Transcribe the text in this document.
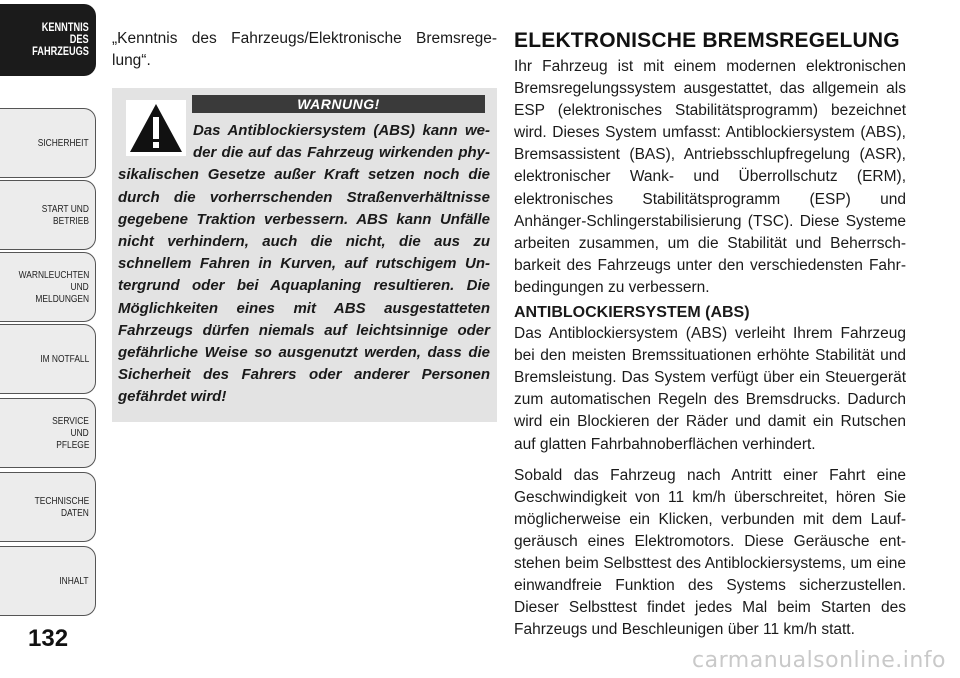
KENNTNIS
DES
FAHRZEUGS
SICHERHEIT
START UND
BETRIEB
WARNLEUCHTEN
UND
MELDUNGEN
IM NOTFALL
SERVICE
UND
PFLEGE
TECHNISCHE
DATEN
INHALT
132

„Kenntnis des Fahrzeugs/Elektronische Bremsregelung“.

WARNUNG!

Das Antiblockiersystem (ABS) kann weder die auf das Fahrzeug wirkenden physikalischen Gesetze außer Kraft setzen noch die durch die vorherrschenden Straßenverhältnisse gegebene Traktion verbessern. ABS kann Unfälle nicht verhindern, auch die nicht, die aus zu schnellem Fahren in Kurven, auf rutschigem Untergrund oder bei Aquaplaning resultieren. Die Möglichkeiten eines mit ABS ausgestatteten Fahrzeugs dürfen niemals auf leichtsinnige oder gefährliche Weise so ausgenutzt werden, dass die Sicherheit des Fahrers oder anderer Personen gefährdet wird!

ELEKTRONISCHE BREMSREGELUNG

Ihr Fahrzeug ist mit einem modernen elektronischen Bremsregelungssystem ausgestattet, das allgemein als ESP (elektronisches Stabilitätsprogramm) bezeichnet wird. Dieses System umfasst: Antiblockiersystem (ABS), Bremsassistent (BAS), Antriebsschlupfregelung (ASR), elektronischer Wank- und Überrollschutz (ERM), elektronisches Stabilitätsprogramm (ESP) und Anhänger-Schlingerstabilisierung (TSC). Diese Systeme arbeiten zusammen, um die Stabilität und Beherrschbarkeit des Fahrzeugs unter den verschiedensten Fahrbedingungen zu verbessern.

ANTIBLOCKIERSYSTEM (ABS)

Das Antiblockiersystem (ABS) verleiht Ihrem Fahrzeug bei den meisten Bremssituationen erhöhte Stabilität und Bremsleistung. Das System verfügt über ein Steuergerät zum automatischen Regeln des Bremsdrucks. Dadurch wird ein Blockieren der Räder und damit ein Rutschen auf glatten Fahrbahnoberflächen verhindert.

Sobald das Fahrzeug nach Antritt einer Fahrt eine Geschwindigkeit von 11 km/h überschreitet, hören Sie möglicherweise ein Klicken, verbunden mit dem Laufgeräusch eines Elektromotors. Diese Geräusche entstehen beim Selbsttest des Antiblockiersystems, um eine einwandfreie Funktion des Systems sicherzustellen. Dieser Selbsttest findet jedes Mal beim Starten des Fahrzeugs und Beschleunigen über 11 km/h statt.

carmanualsonline.info
